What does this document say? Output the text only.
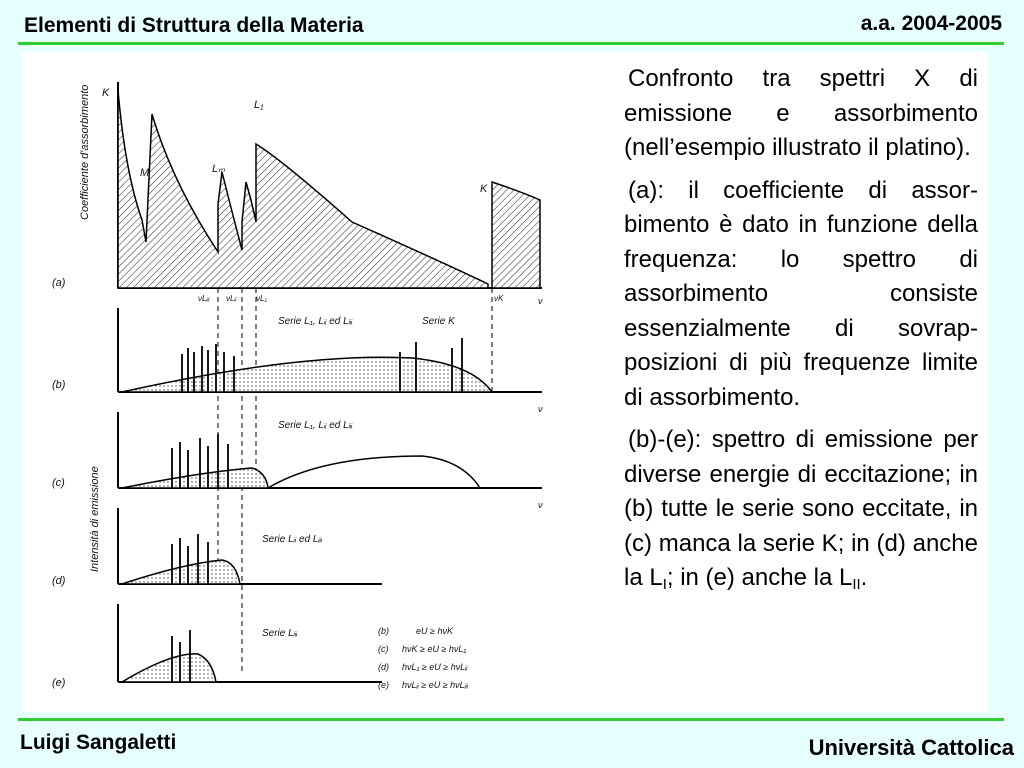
Elementi di Struttura della Materia	a.a. 2004-2005
Coefficiente d'assorbimento K
M
L₁
Lₘ
K
(a)
ν
νLᵢᵢᵢ νLᵢᵢ νL₁	νK
Serie L₁, Lᵢᵢ ed Lᵢᵢᵢ	Serie K
(b)
ν
Serie L₁, Lᵢᵢ ed Lᵢᵢᵢ
(c)
ν
Intensità di emissione	Serie Lᵢᵢ ed Lᵢᵢᵢ
(d)
Serie Lᵢᵢᵢ
(e)
(b)	eU ≥ hνK
(c) hνK ≥ eU ≥ hνL₁
(d) hνL₁ ≥ eU ≥ hνLᵢᵢ
(e) hνLᵢᵢ ≥ eU ≥ hνLᵢᵢᵢ

Confronto tra spettri X di emissione e assorbimento (nell’esempio illustrato il platino).

(a): il coefficiente di assor-bimento è dato in funzione della frequenza: lo spettro di assorbimento consiste essenzialmente di sovrap-posizioni di più frequenze limite di assorbimento.

(b)-(e): spettro di emissione per diverse energie di eccitazione; in (b) tutte le serie sono eccitate, in (c) manca la serie K; in (d) anche la $L_I$; in (e) anche la $L_{II}$.

Luigi Sangaletti	Università Cattolica
